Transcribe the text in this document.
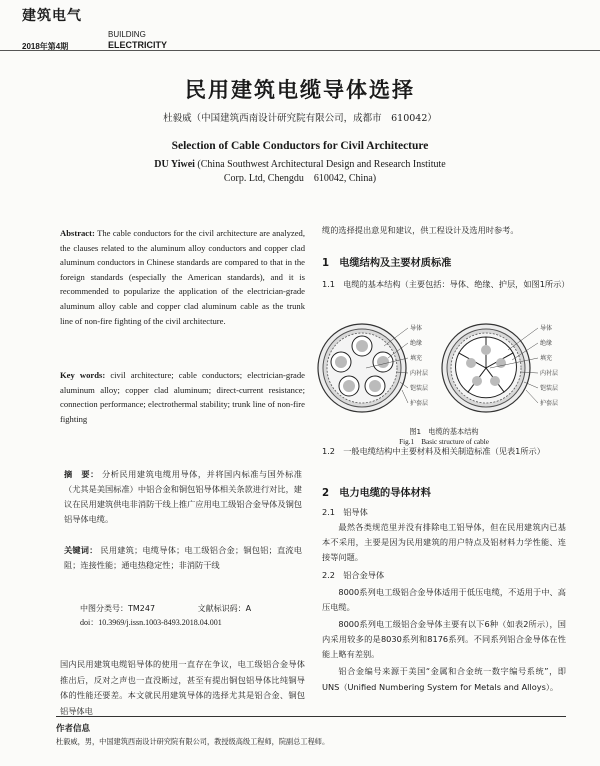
建筑电气
BUILDING
2018年第4期	ELECTRICITY
民用建筑电缆导体选择
杜毅威（中国建筑西南设计研究院有限公司，成都市　610042）
Selection of Cable Conductors for Civil Architecture
DU Yiwei (China Southwest Architectural Design and Research Institute
Corp. Ltd, Chengdu　610042, China)
Abstract: The cable conductors for the civil architecture are analyzed, the clauses related to the aluminum alloy conductors and copper clad aluminum conductors in Chinese standards are compared to that in the foreign standards (especially the American standards), and it is recommended to popularize the application of the electrician-grade aluminum alloy cable and copper clad aluminum cable as the trunk line of non-fire fighting of the civil architecture.
Key words: civil architecture; cable conductors; electrician-grade aluminum alloy; copper clad aluminum; direct-current resistance; connection performance; electrothermal stability; trunk line of non-fire fighting
摘　要： 分析民用建筑电缆用导体，并将国内标准与国外标准（尤其是美国标准）中铝合金和铜包铝导体相关条款进行对比，建议在民用建筑供电非消防干线上推广应用电工级铝合金导体及铜包铝导体电缆。
关键词： 民用建筑；电缆导体；电工级铝合金；铜包铝；直流电阻；连接性能；通电热稳定性；非消防干线
中图分类号：TM247	文献标识码：A
doi：10.3969/j.issn.1003-8493.2018.04.001
国内民用建筑电缆铝导体的使用一直存在争议，电工级铝合金导体推出后，反对之声也一直没断过，甚至有提出铜包铝导体比纯铜导体的性能还要差。本文就民用建筑导体的选择尤其是铝合金、铜包铝导体电
缆的选择提出意见和建议，供工程设计及选用时参考。
1　电缆结构及主要材质标准
1.1　电缆的基本结构（主要包括：导体、绝缘、护层，如图1所示）
导体
绝缘
填充
内衬层
铠装层
护套层
导体
绝缘
填充
内衬层
铠装层
护套层
图1　电缆的基本结构
Fig.1　Basic structure of cable
1.2　一般电缆结构中主要材料及相关制造标准（见表1所示）
2　电力电缆的导体材料
2.1　铝导体
最然各类规范里并没有排除电工铝导体，但在民用建筑内已基本不采用，主要是因为民用建筑的用户特点及铝材料力学性能、连接等问题。
2.2　铝合金导体
8000系列电工级铝合金导体适用于低压电缆，不适用于中、高压电缆。
8000系列电工级铝合金导体主要有以下6种（如表2所示），国内采用较多的是8030系列和8176系列。不同系列铝合金导体在性能上略有差别。
铝合金编号来源于美国“金属和合金统一数字编号系统”，即UNS（Unified Numbering System for Metals and Alloys）。
作者信息
杜毅威，男，中国建筑西南设计研究院有限公司，教授级高级工程师，院副总工程师。
